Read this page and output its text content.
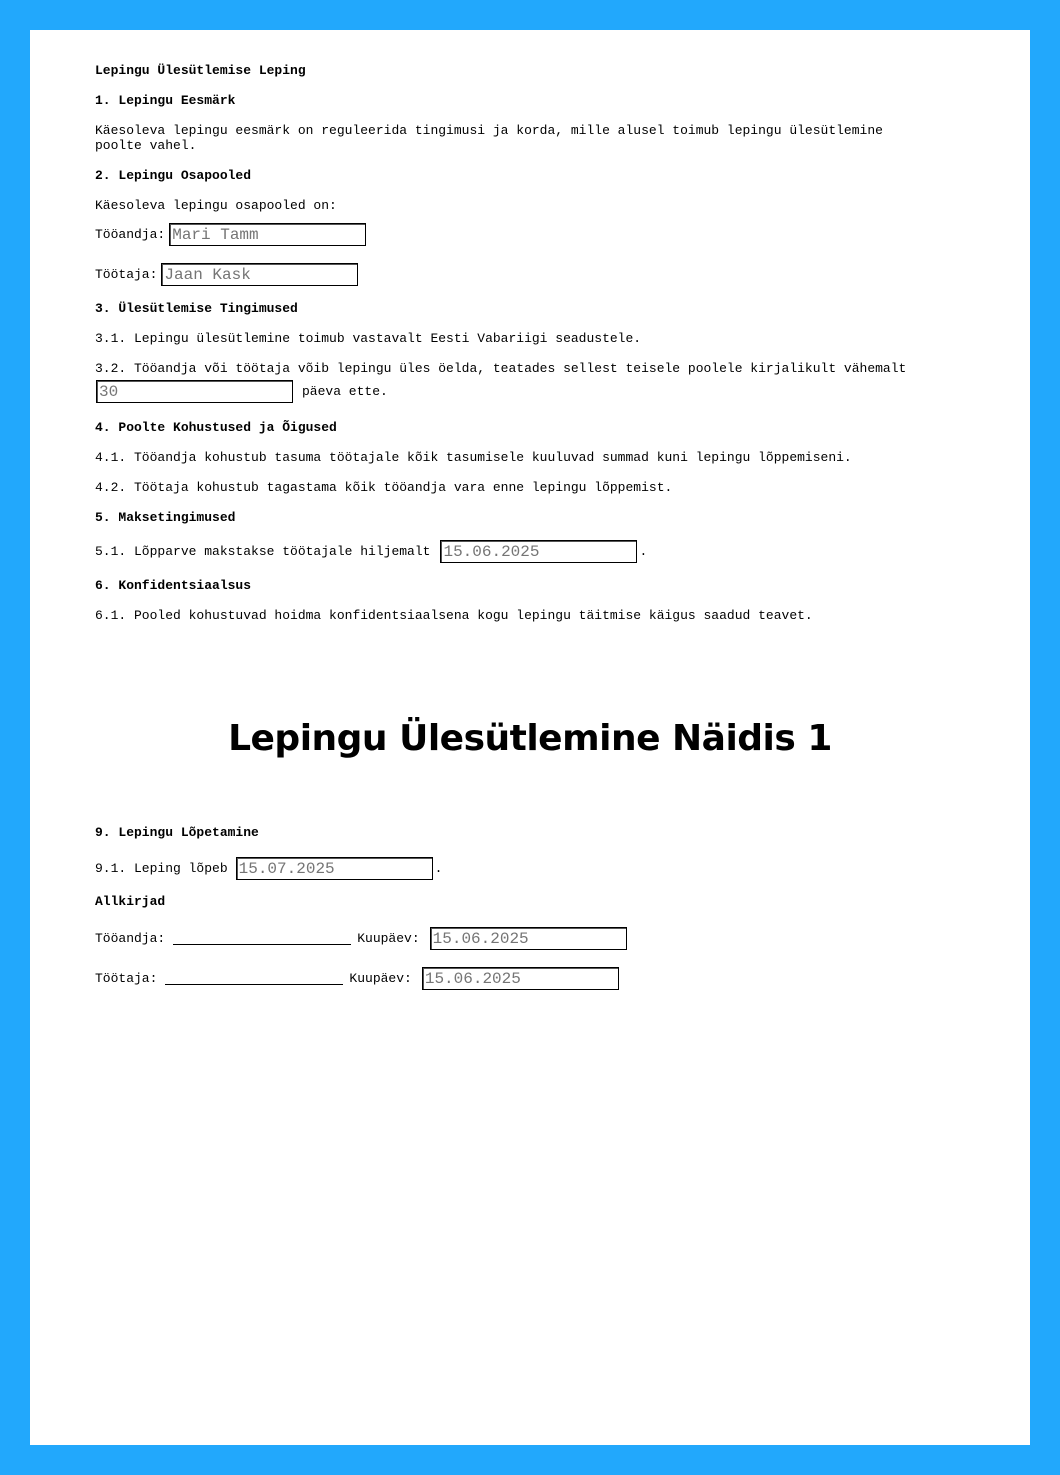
Lepingu Ülesütlemise Leping
1. Lepingu Eesmärk
Käesoleva lepingu eesmärk on reguleerida tingimusi ja korda, mille alusel toimub lepingu ülesütlemine poolte vahel.
2. Lepingu Osapooled
Käesoleva lepingu osapooled on:
Tööandja:
Mari Tamm
Töötaja:
Jaan Kask
3. Ülesütlemise Tingimused
3.1. Lepingu ülesütlemine toimub vastavalt Eesti Vabariigi seadustele.
3.2. Tööandja või töötaja võib lepingu üles öelda, teatades sellest teisele poolele kirjalikult vähemalt
30
päeva ette.
4. Poolte Kohustused ja Õigused
4.1. Tööandja kohustub tasuma töötajale kõik tasumisele kuuluvad summad kuni lepingu lõppemiseni.
4.2. Töötaja kohustub tagastama kõik tööandja vara enne lepingu lõppemist.
5. Maksetingimused
5.1. Lõpparve makstakse töötajale hiljemalt
15.06.2025	.
6. Konfidentsiaalsus
6.1. Pooled kohustuvad hoidma konfidentsiaalsena kogu lepingu täitmise käigus saadud teavet.
Lepingu Ülesütlemine Näidis 1
9. Lepingu Lõpetamine
9.1. Leping lõpeb
15.07.2025	.
Allkirjad
Tööandja:	Kuupäev:
15.06.2025
Töötaja:	Kuupäev:
15.06.2025
